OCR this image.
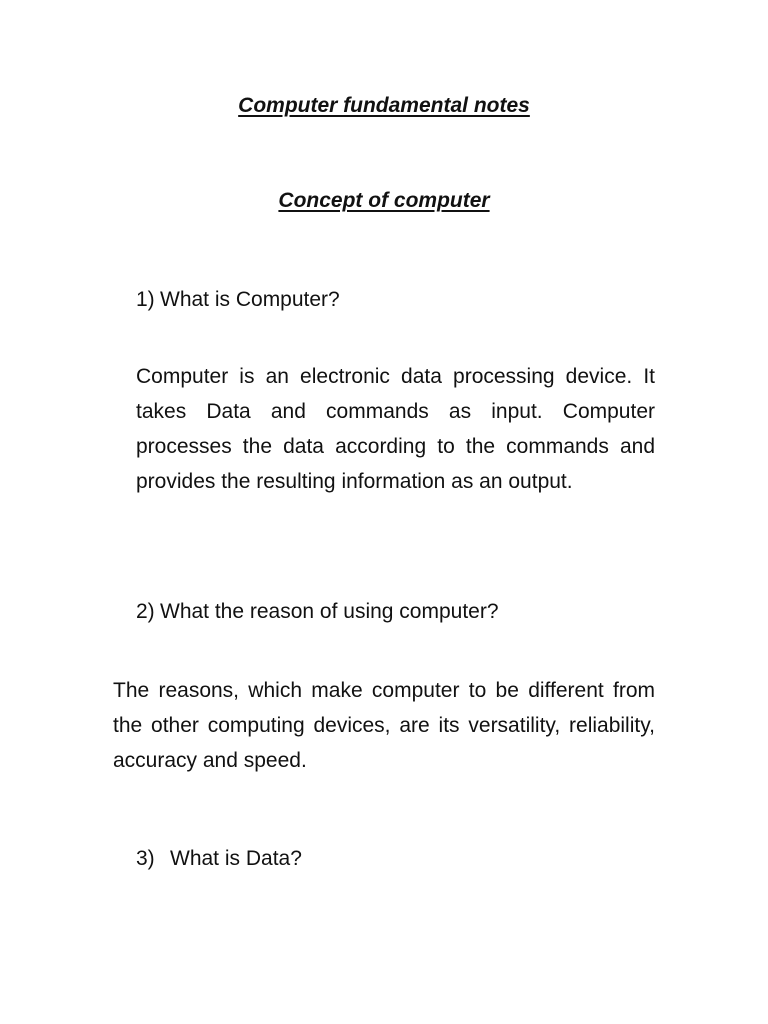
Computer fundamental notes
Concept of computer
1) What is Computer?

Computer is an electronic data processing device. It takes Data and commands as input. Computer processes the data according to the commands and provides the resulting information as an output.

2) What the reason of using computer?

The reasons, which make computer to be different from the other computing devices, are its versatility, reliability, accuracy and speed.

3) What is Data?
